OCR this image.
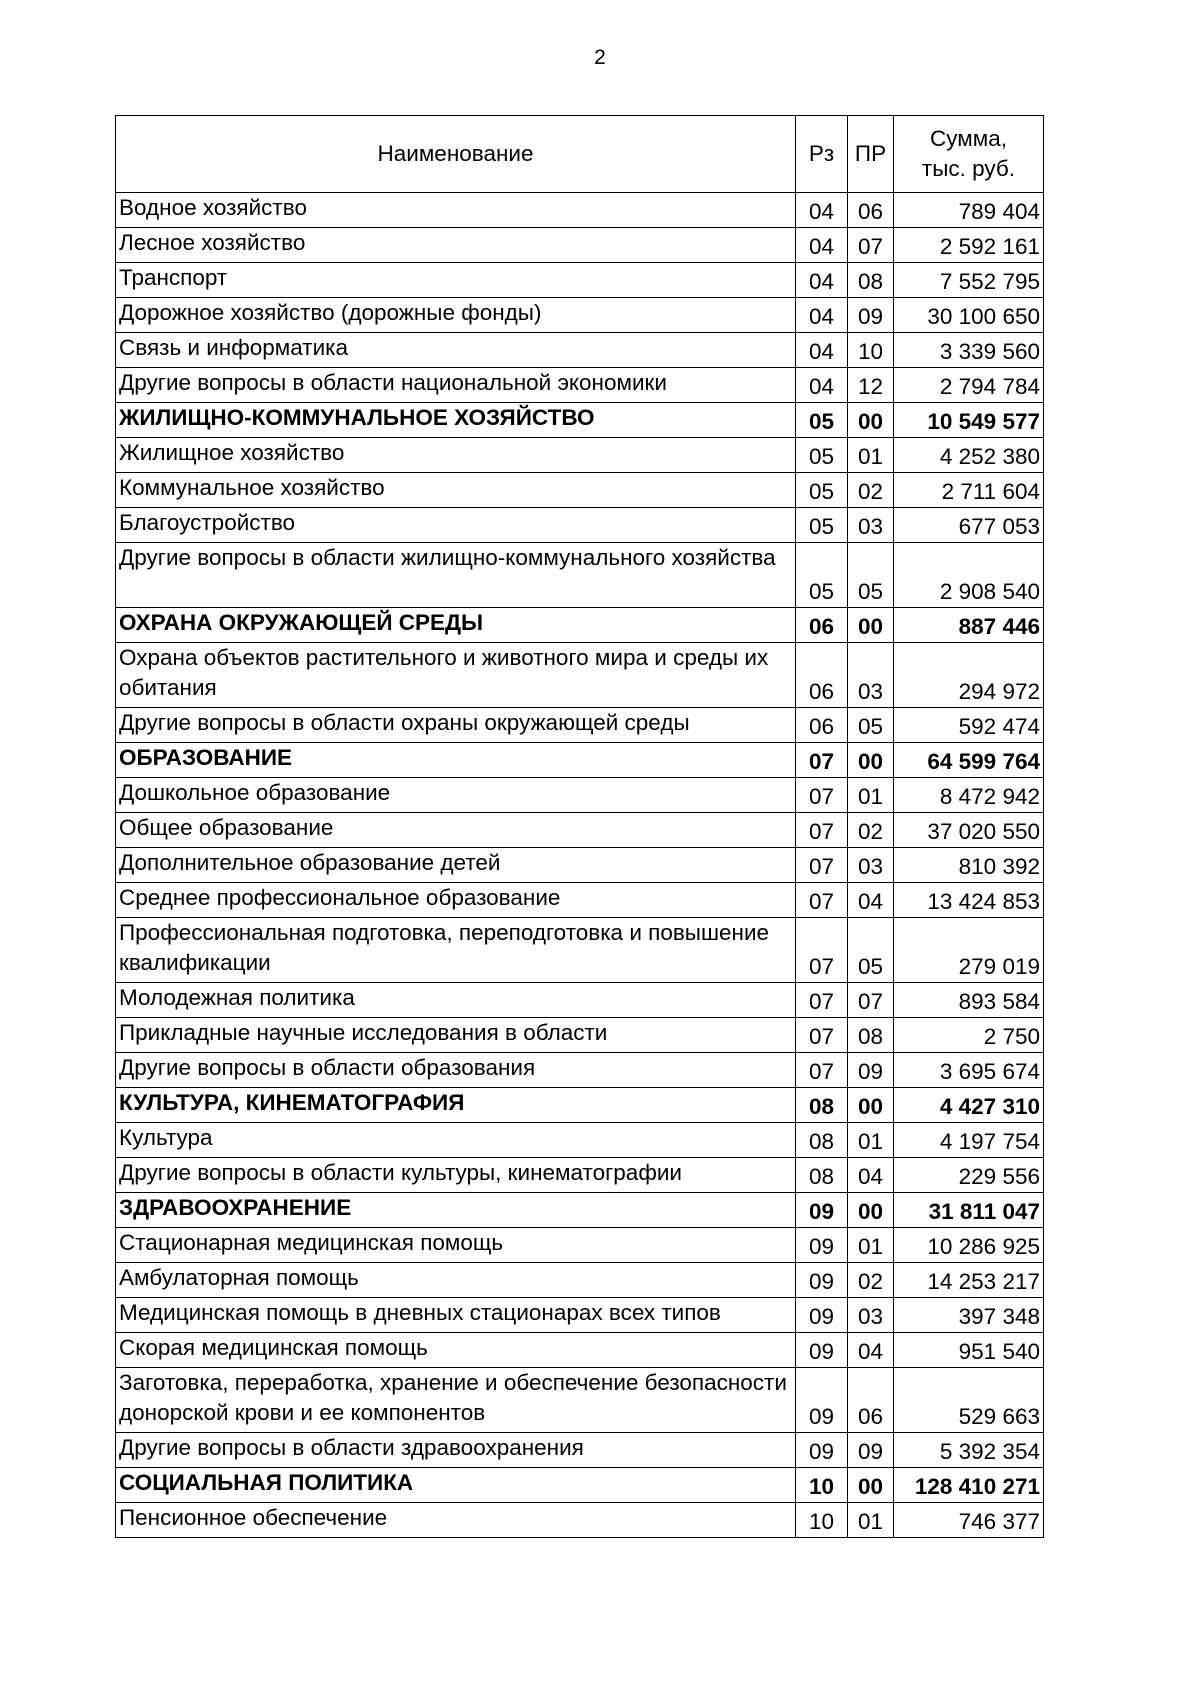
2
Наименование	Рз	ПР	Сумма,
тыс. руб.

Водное хозяйство	04	06	789 404
Лесное хозяйство	04	07	2 592 161
Транспорт	04	08	7 552 795
Дорожное хозяйство (дорожные фонды)	04	09	30 100 650
Связь и информатика	04	10	3 339 560
Другие вопросы в области национальной экономики	04	12	2 794 784
ЖИЛИЩНО-КОММУНАЛЬНОЕ ХОЗЯЙСТВО	05	00	10 549 577
Жилищное хозяйство	05	01	4 252 380
Коммунальное хозяйство	05	02	2 711 604
Благоустройство	05	03	677 053
Другие вопросы в области жилищно-коммунального хозяйства	05	05	2 908 540
ОХРАНА ОКРУЖАЮЩЕЙ СРЕДЫ	06	00	887 446
Охрана объектов растительного и животного мира и среды их обитания	06	03	294 972
Другие вопросы в области охраны окружающей среды	06	05	592 474
ОБРАЗОВАНИЕ	07	00	64 599 764
Дошкольное образование	07	01	8 472 942
Общее образование	07	02	37 020 550
Дополнительное образование детей	07	03	810 392
Среднее профессиональное образование	07	04	13 424 853
Профессиональная подготовка, переподготовка и повышение квалификации	07	05	279 019
Молодежная политика	07	07	893 584
Прикладные научные исследования в области	07	08	2 750
Другие вопросы в области образования	07	09	3 695 674
КУЛЬТУРА, КИНЕМАТОГРАФИЯ	08	00	4 427 310
Культура	08	01	4 197 754
Другие вопросы в области культуры, кинематографии	08	04	229 556
ЗДРАВООХРАНЕНИЕ	09	00	31 811 047
Стационарная медицинская помощь	09	01	10 286 925
Амбулаторная помощь	09	02	14 253 217
Медицинская помощь в дневных стационарах всех типов	09	03	397 348
Скорая медицинская помощь	09	04	951 540
Заготовка, переработка, хранение и обеспечение безопасности донорской крови и ее компонентов	09	06	529 663
Другие вопросы в области здравоохранения	09	09	5 392 354
СОЦИАЛЬНАЯ ПОЛИТИКА	10	00	128 410 271
Пенсионное обеспечение	10	01	746 377
